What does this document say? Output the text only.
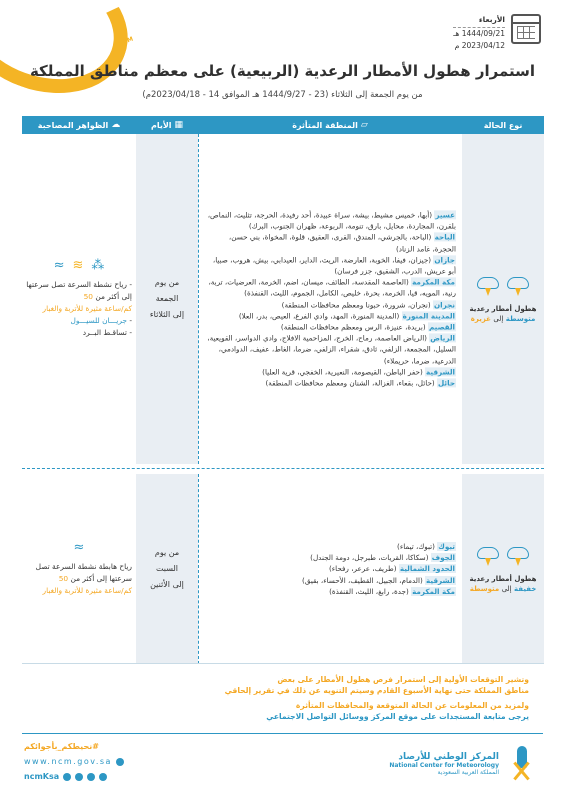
NCM
الأربعاء
1444/09/21 هـ
2023/04/12 م
استمرار هطول الأمطار الرعدية (الربيعية) على معظم مناطق المملكة
من يوم الجمعة إلى الثلاثاء (23 - 1444/9/27 هـ الموافق 14 - 2023/04/18م)
نوع الحالة
▱
المنطقة المتأثرة
▦
الأيام
☁
الظواهر المصاحبة
هطول أمطار رعدية
متوسطة إلى غزيرة
عسير (أبها، خميس مشيط، بيشة، سراة عبيدة، أحد رفيدة، الحرجة، تثليث، النماص، بلقرن، المجاردة، محايل، بارق، تنومة، الربوعة، ظهران الجنوب، البرك)
الباحة (الباحة، بالجرشي، المندق، القرى، العقيق، قلوة، المخواة، بني حسن، الحجرة، غامد الزناد)
جازان (جيزان، فيفا، الخوبة، العارضة، الريث، الداير، العيدابي، بيش، هروب، صبيا، أبو عريش، الدرب، الشقيق، جزر فرسان)
مكة المكرمة (العاصمة المقدسة، الطائف، ميسان، اضم، الخرمة، العرضيات، تربة، رنية، المويه، قيا، الخرمة، بحرة، خليص، الكامل، الجموم، الليث، القنفذة)
نجران (نجران، شرورة، حبونا ومعظم محافظات المنطقة)
المدينة المنورة (المدينة المنورة، المهد، وادي الفرع، العيص، بدر، العلا)
القصيم (بريدة، عنيزة، الرس ومعظم محافظات المنطقة)
الرياض (الرياض العاصمة، رماح، الخرج، المزاحمية الافلاج، وادي الدواسر، القويعية، السليل، المجمعة، الزلفي، ثادق، شقراء، الزلفي، ضرما، الغاط، عفيف، الدوادمي، الدرعية، ضرما، حريملاء)
الشرقية (حفر الباطن، القيصومة، النعيرية، الخفجي، قرية العليا)
حائل (حائل، بقعاء، الغزالة، الشنان ومعظم محافظات المنطقة)

من يوم
الجمعة
إلى الثلاثاء
⁂
≋
≈
- رياح نشطة السرعة تصل سرعتها إلى أكثر من 50
كم/ساعة مثيرة للأتربة والغبار
- جريـــان للسيـــول
- تساقـط البــرد
هطول أمطار رعدية
خفيفة إلى متوسطة
تبوك (تبوك، تيماء)
الجوف (سكاكا، القريات، طبرجل، دومة الجندل)
الحدود الشمالية (طريف، عرعر، رفحاء)
الشرقية (الدمام، الجبيل، القطيف، الأحساء، بقيق)
مكة المكرمة (جدة، رابغ، الليث، القنفذة)

من يوم
السبت
إلى الأثنين
≈
رياح هابطة نشطة السرعة تصل سرعتها إلى أكثر من 50
كم/ساعة مثيرة للأتربة والغبار

وتشير التوقعات الأولية إلى استمرار فرص هطول الأمطار على بعض
مناطق المملكة حتى نهاية الأسبوع القادم وسيتم التنويه عن ذلك في تقرير إلحاقي

ولمزيد من المعلومات عن الحالة المتوقعة والمحافظات المتأثرة
يرجى متابعة المستجدات على موقع المركز ووسائل التواصل الاجتماعي

#نحيطكم_بأجوائكم
www.ncm.gov.sa
ncmKsa
المركز الوطني للأرصاد
National Center for Meteorology
المملكة العربية السعودية
